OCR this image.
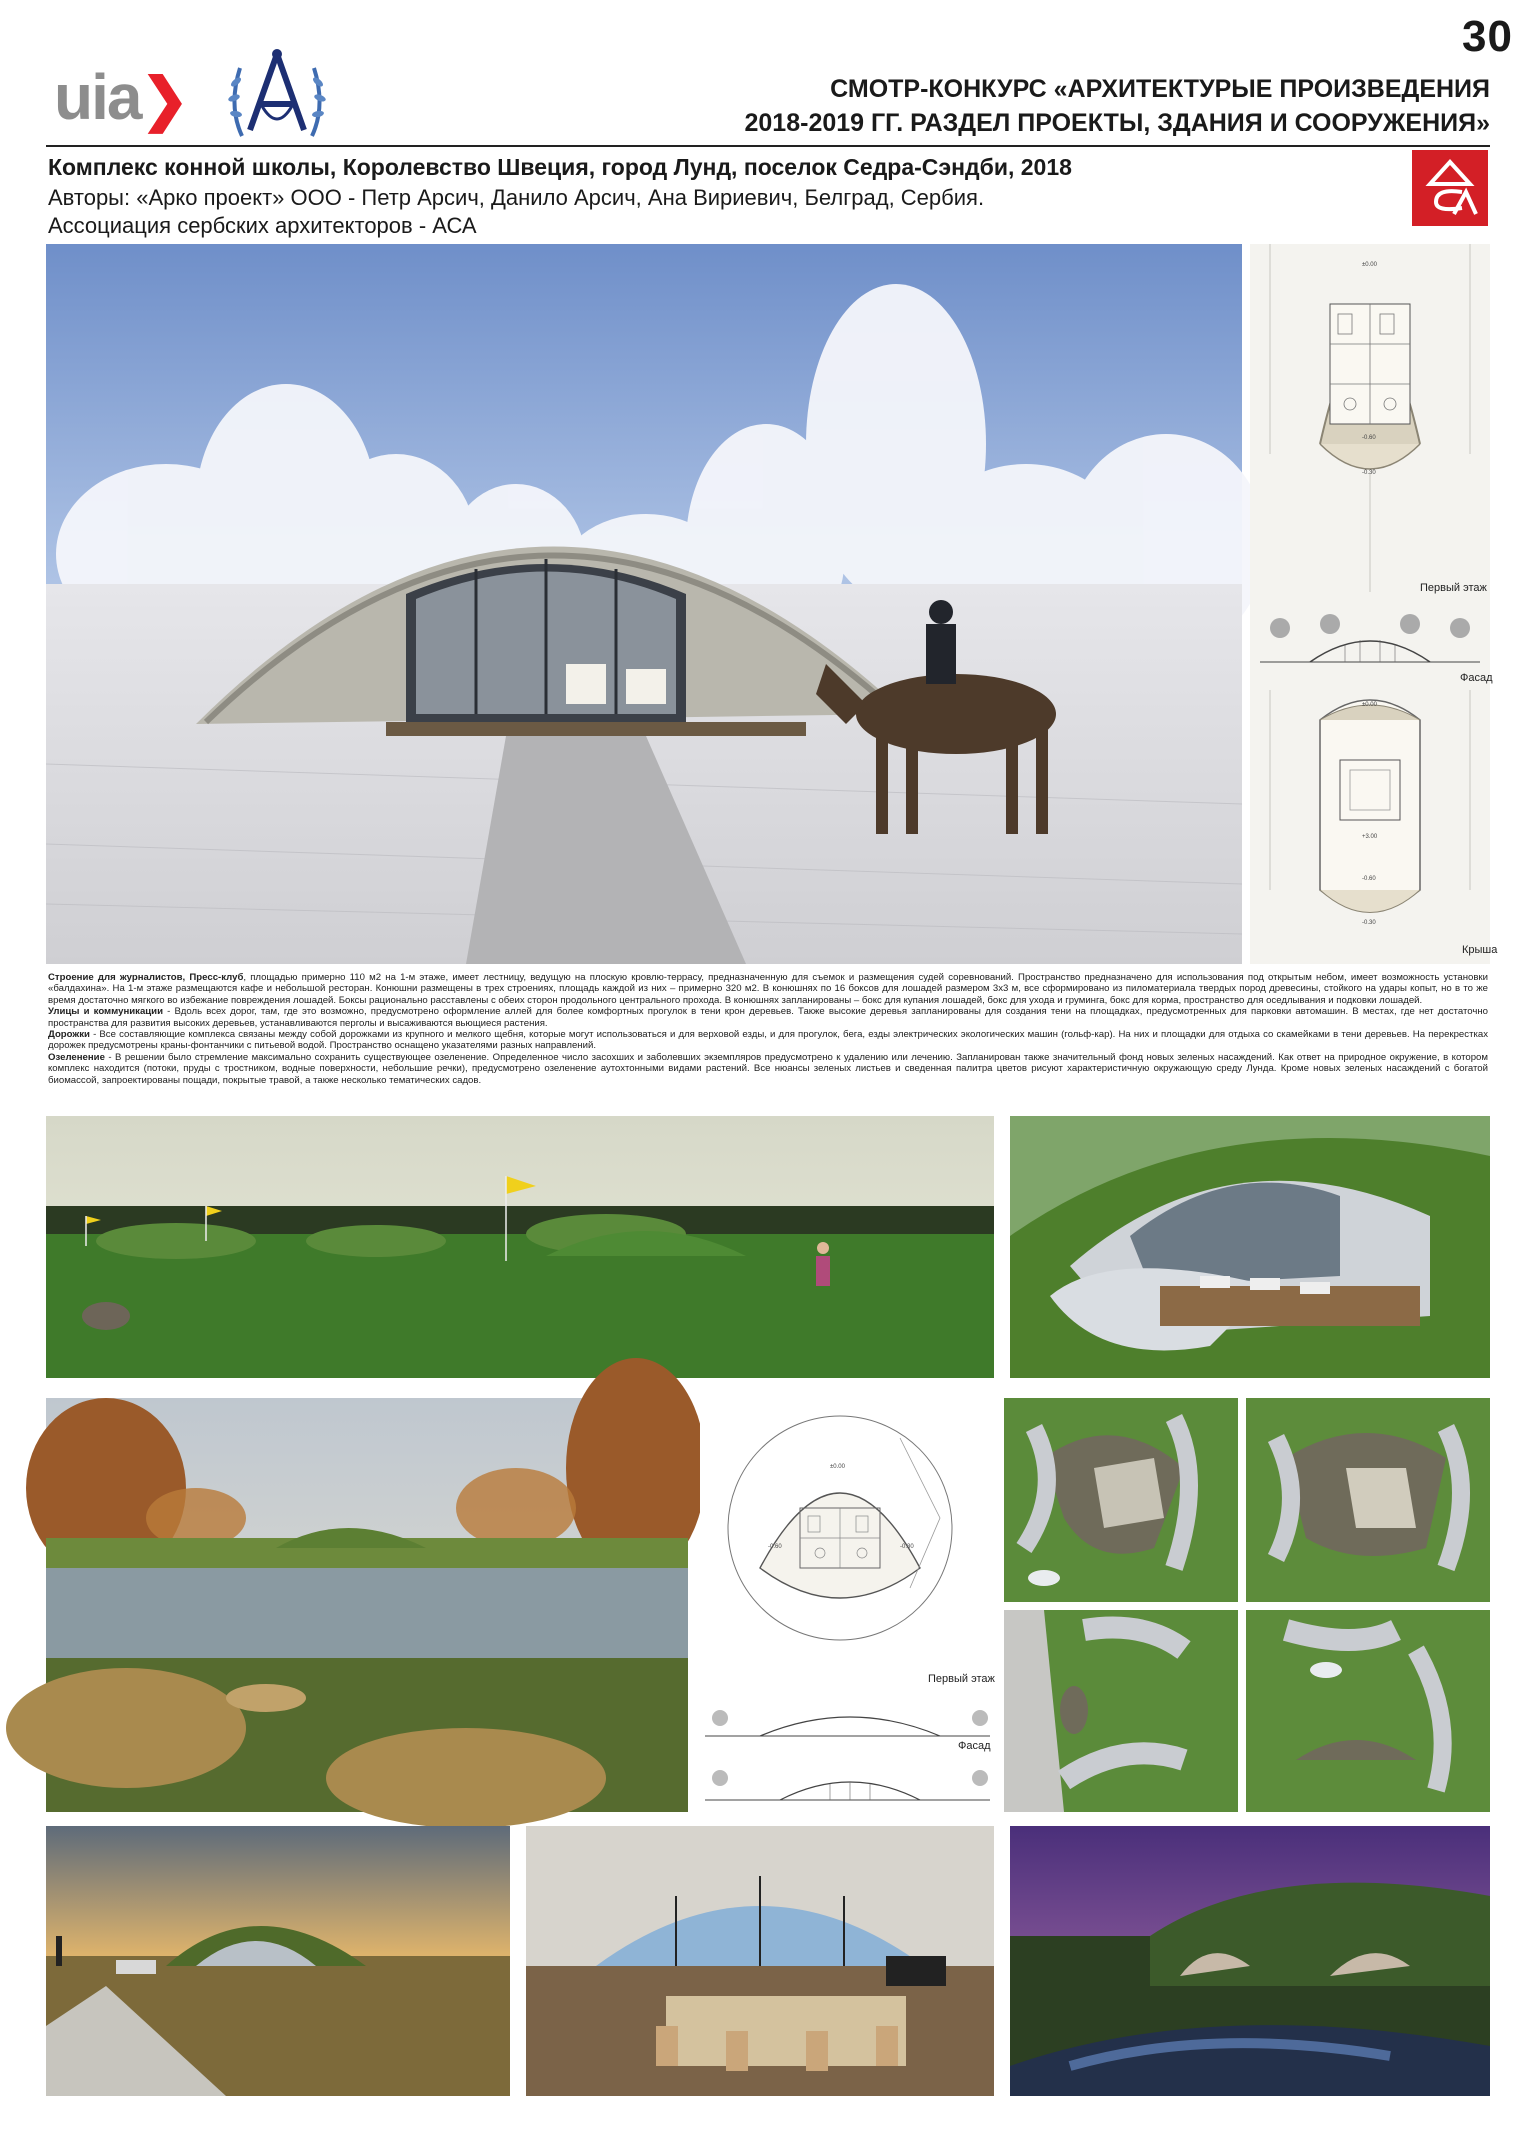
30
uia❯	СМОТР-КОНКУРС «АРХИТЕКТУРЫЕ ПРОИЗВЕДЕНИЯ
2018-2019 ГГ. РАЗДЕЛ ПРОЕКТЫ, ЗДАНИЯ И СООРУЖЕНИЯ»
Комплекс конной школы, Королевство Швеция, город Лунд, поселок Седра-Сэндби, 2018
Авторы: «Арко проект» ООО - Петр Арсич, Данило Арсич, Ана Вириевич, Белград, Сербия.
Ассоциация сербских архитекторов - АСА
±0.00
-0.60
-0.30
Первый этаж
Фасад
±0.00
+3.00
-0.60
-0.30
Крыша

Строение для журналистов, Пресс-клуб, площадью примерно 110 м2 на 1-м этаже, имеет лестницу, ведущую на плоскую кровлю-террасу, предназначенную для съемок и размещения судей соревнований. Пространство предназначено для использования под открытым небом, имеет возможность установки «балдахина». На 1-м этаже размещаются кафе и небольшой ресторан. Конюшни размещены в трех строениях, площадь каждой из них – примерно 320 м2. В конюшнях по 16 боксов для лошадей размером 3х3 м, все сформировано из пиломатериала твердых пород древесины, стойкого на удары копыт, но в то же время достаточно мягкого во избежание повреждения лошадей. Боксы рационально расставлены с обеих сторон продольного центрального прохода. В конюшнях запланированы – бокс для купания лошадей, бокс для ухода и груминга, бокс для корма, пространство для оседлывания и подковки лошадей.

Улицы и коммуникации - Вдоль всех дорог, там, где это возможно, предусмотрено оформление аллей для более комфортных прогулок в тени крон деревьев. Также высокие деревья запланированы для создания тени на площадках, предусмотренных для парковки автомашин. В местах, где нет достаточно пространства для развития высоких деревьев, устанавливаются перголы и высаживаются вьющиеся растения.

Дорожки - Все составляющие комплекса связаны между собой дорожками из крупного и мелкого щебня, которые могут использоваться и для верховой езды, и для прогулок, бега, езды электрических экологических машин (гольф-кар). На них и площадки для отдыха со скамейками в тени деревьев. На перекрестках дорожек предусмотрены краны-фонтанчики с питьевой водой. Пространство оснащено указателями разных направлений.

Озеленение - В решении было стремление максимально сохранить существующее озеленение. Определенное число засохших и заболевших экземпляров предусмотрено к удалению или лечению. Запланирован также значительный фонд новых зеленых насаждений. Как ответ на природное окружение, в котором комплекс находится (потоки, пруды с тростником, водные поверхности, небольшие речки), предусмотрено озеленение аутохтонными видами растений. Все нюансы зеленых листьев и сведенная палитра цветов рисуют характеристичную окружающую среду Лунда. Кроме новых зеленых насаждений с богатой биомассой, запроектированы пощади, покрытые травой, а также несколько тематических садов.

±0.00
-0.60	-0.30
Первый этаж
Фасад
